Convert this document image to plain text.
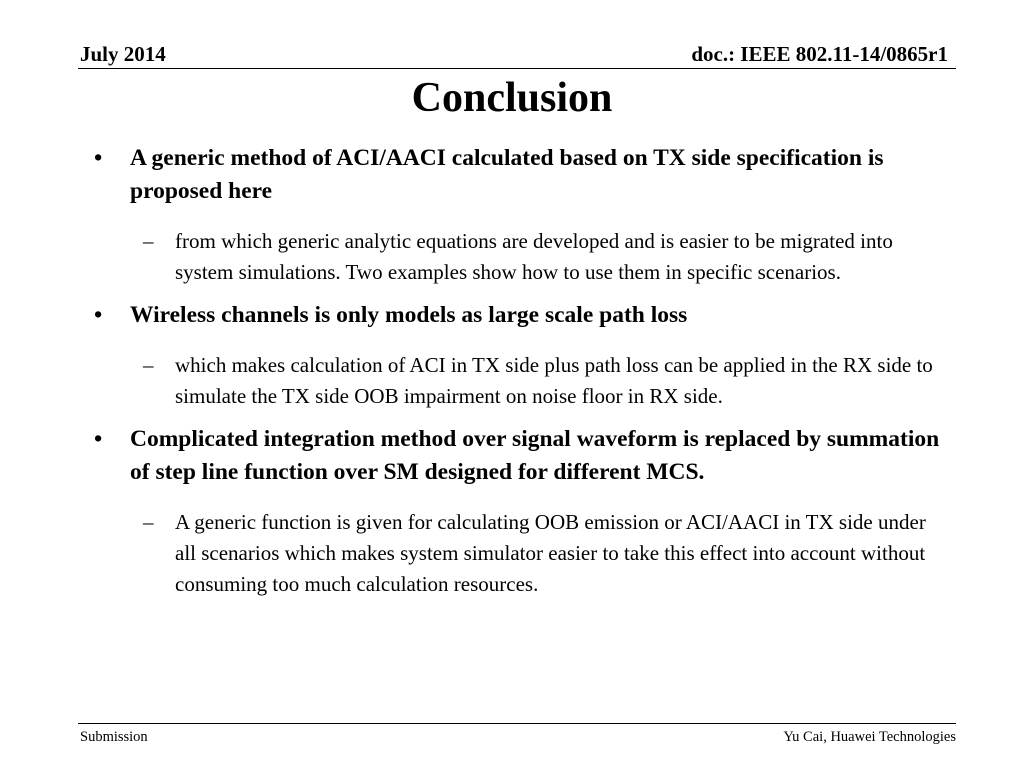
July 2014	doc.: IEEE 802.11-14/0865r1
Conclusion
• A generic method of ACI/AACI calculated based on TX side specification is proposed here
– from which generic analytic equations are developed and is easier to be migrated into system simulations. Two examples show how to use them in specific scenarios.
• Wireless channels is only models as large scale path loss
– which makes calculation of ACI in TX side plus path loss can be applied in the RX side to simulate the TX side OOB impairment on noise floor in RX side.
• Complicated integration method over signal waveform is replaced by summation of step line function over SM designed for different MCS.
– A generic function is given for calculating OOB emission or ACI/AACI in TX side under all scenarios which makes system simulator easier to take this effect into account without consuming too much calculation resources.
Submission	Yu Cai, Huawei Technologies
